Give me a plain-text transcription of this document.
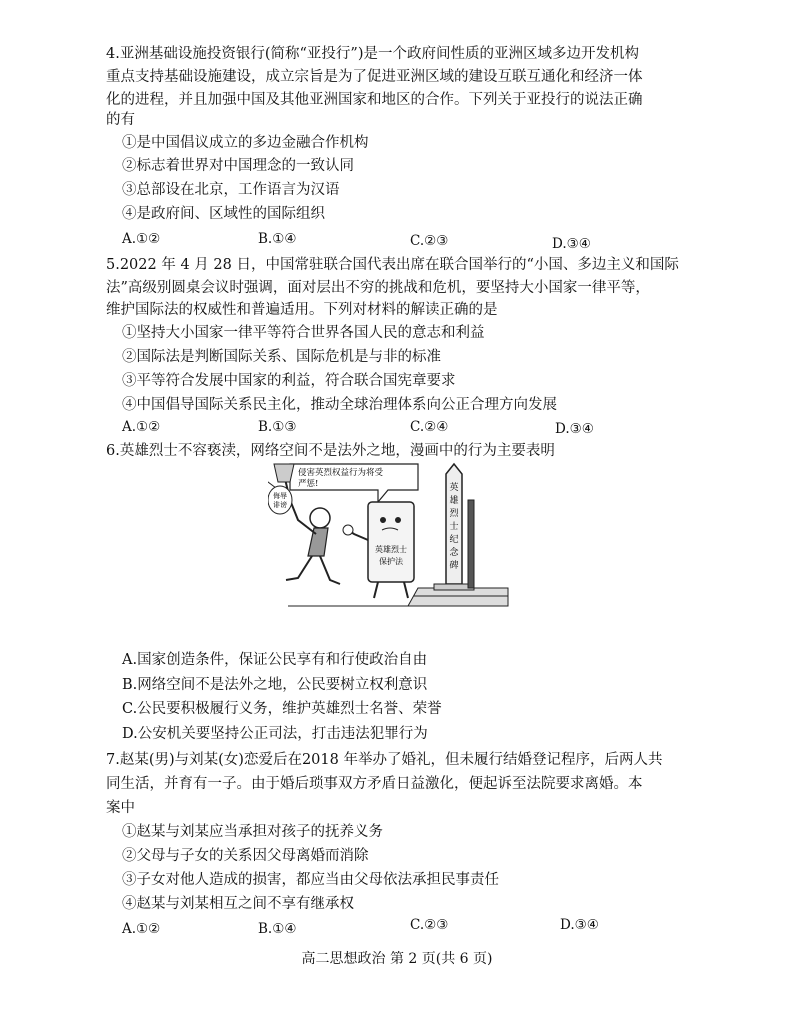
4.亚洲基础设施投资银行(简称“亚投行”)是一个政府间性质的亚洲区域多边开发机构
重点支持基础设施建设，成立宗旨是为了促进亚洲区域的建设互联互通化和经济一体
化的进程，并且加强中国及其他亚洲国家和地区的合作。下列关于亚投行的说法正确
的有
①是中国倡议成立的多边金融合作机构
②标志着世界对中国理念的一致认同
③总部设在北京，工作语言为汉语
④是政府间、区域性的国际组织
A.①②	B.①④	C.②③	D.③④
5.2022 年 4 月 28 日，中国常驻联合国代表出席在联合国举行的“小国、多边主义和国际
法”高级别圆桌会议时强调，面对层出不穷的挑战和危机，要坚持大小国家一律平等，
维护国际法的权威性和普遍适用。下列对材料的解读正确的是
①坚持大小国家一律平等符合世界各国人民的意志和利益
②国际法是判断国际关系、国际危机是与非的标准
③平等符合发展中国家的利益，符合联合国宪章要求
④中国倡导国际关系民主化，推动全球治理体系向公正合理方向发展
A.①②	B.①③	C.②④	D.③④
6.英雄烈士不容亵渎，网络空间不是法外之地，漫画中的行为主要表明
英
雄
烈
士
纪
念
碑
侵害英烈权益行为将受
严惩!
英雄烈士
保护法
侮辱
诽谤
A.国家创造条件，保证公民享有和行使政治自由
B.网络空间不是法外之地，公民要树立权利意识
C.公民要积极履行义务，维护英雄烈士名誉、荣誉
D.公安机关要坚持公正司法，打击违法犯罪行为
7.赵某(男)与刘某(女)恋爱后在2018 年举办了婚礼，但未履行结婚登记程序，后两人共
同生活，并育有一子。由于婚后琐事双方矛盾日益激化，便起诉至法院要求离婚。本
案中
①赵某与刘某应当承担对孩子的抚养义务
②父母与子女的关系因父母离婚而消除
③子女对他人造成的损害，都应当由父母依法承担民事责任
④赵某与刘某相互之间不享有继承权
A.①②	B.①④	C.②③	D.③④
高二思想政治 第 2 页(共 6 页)
